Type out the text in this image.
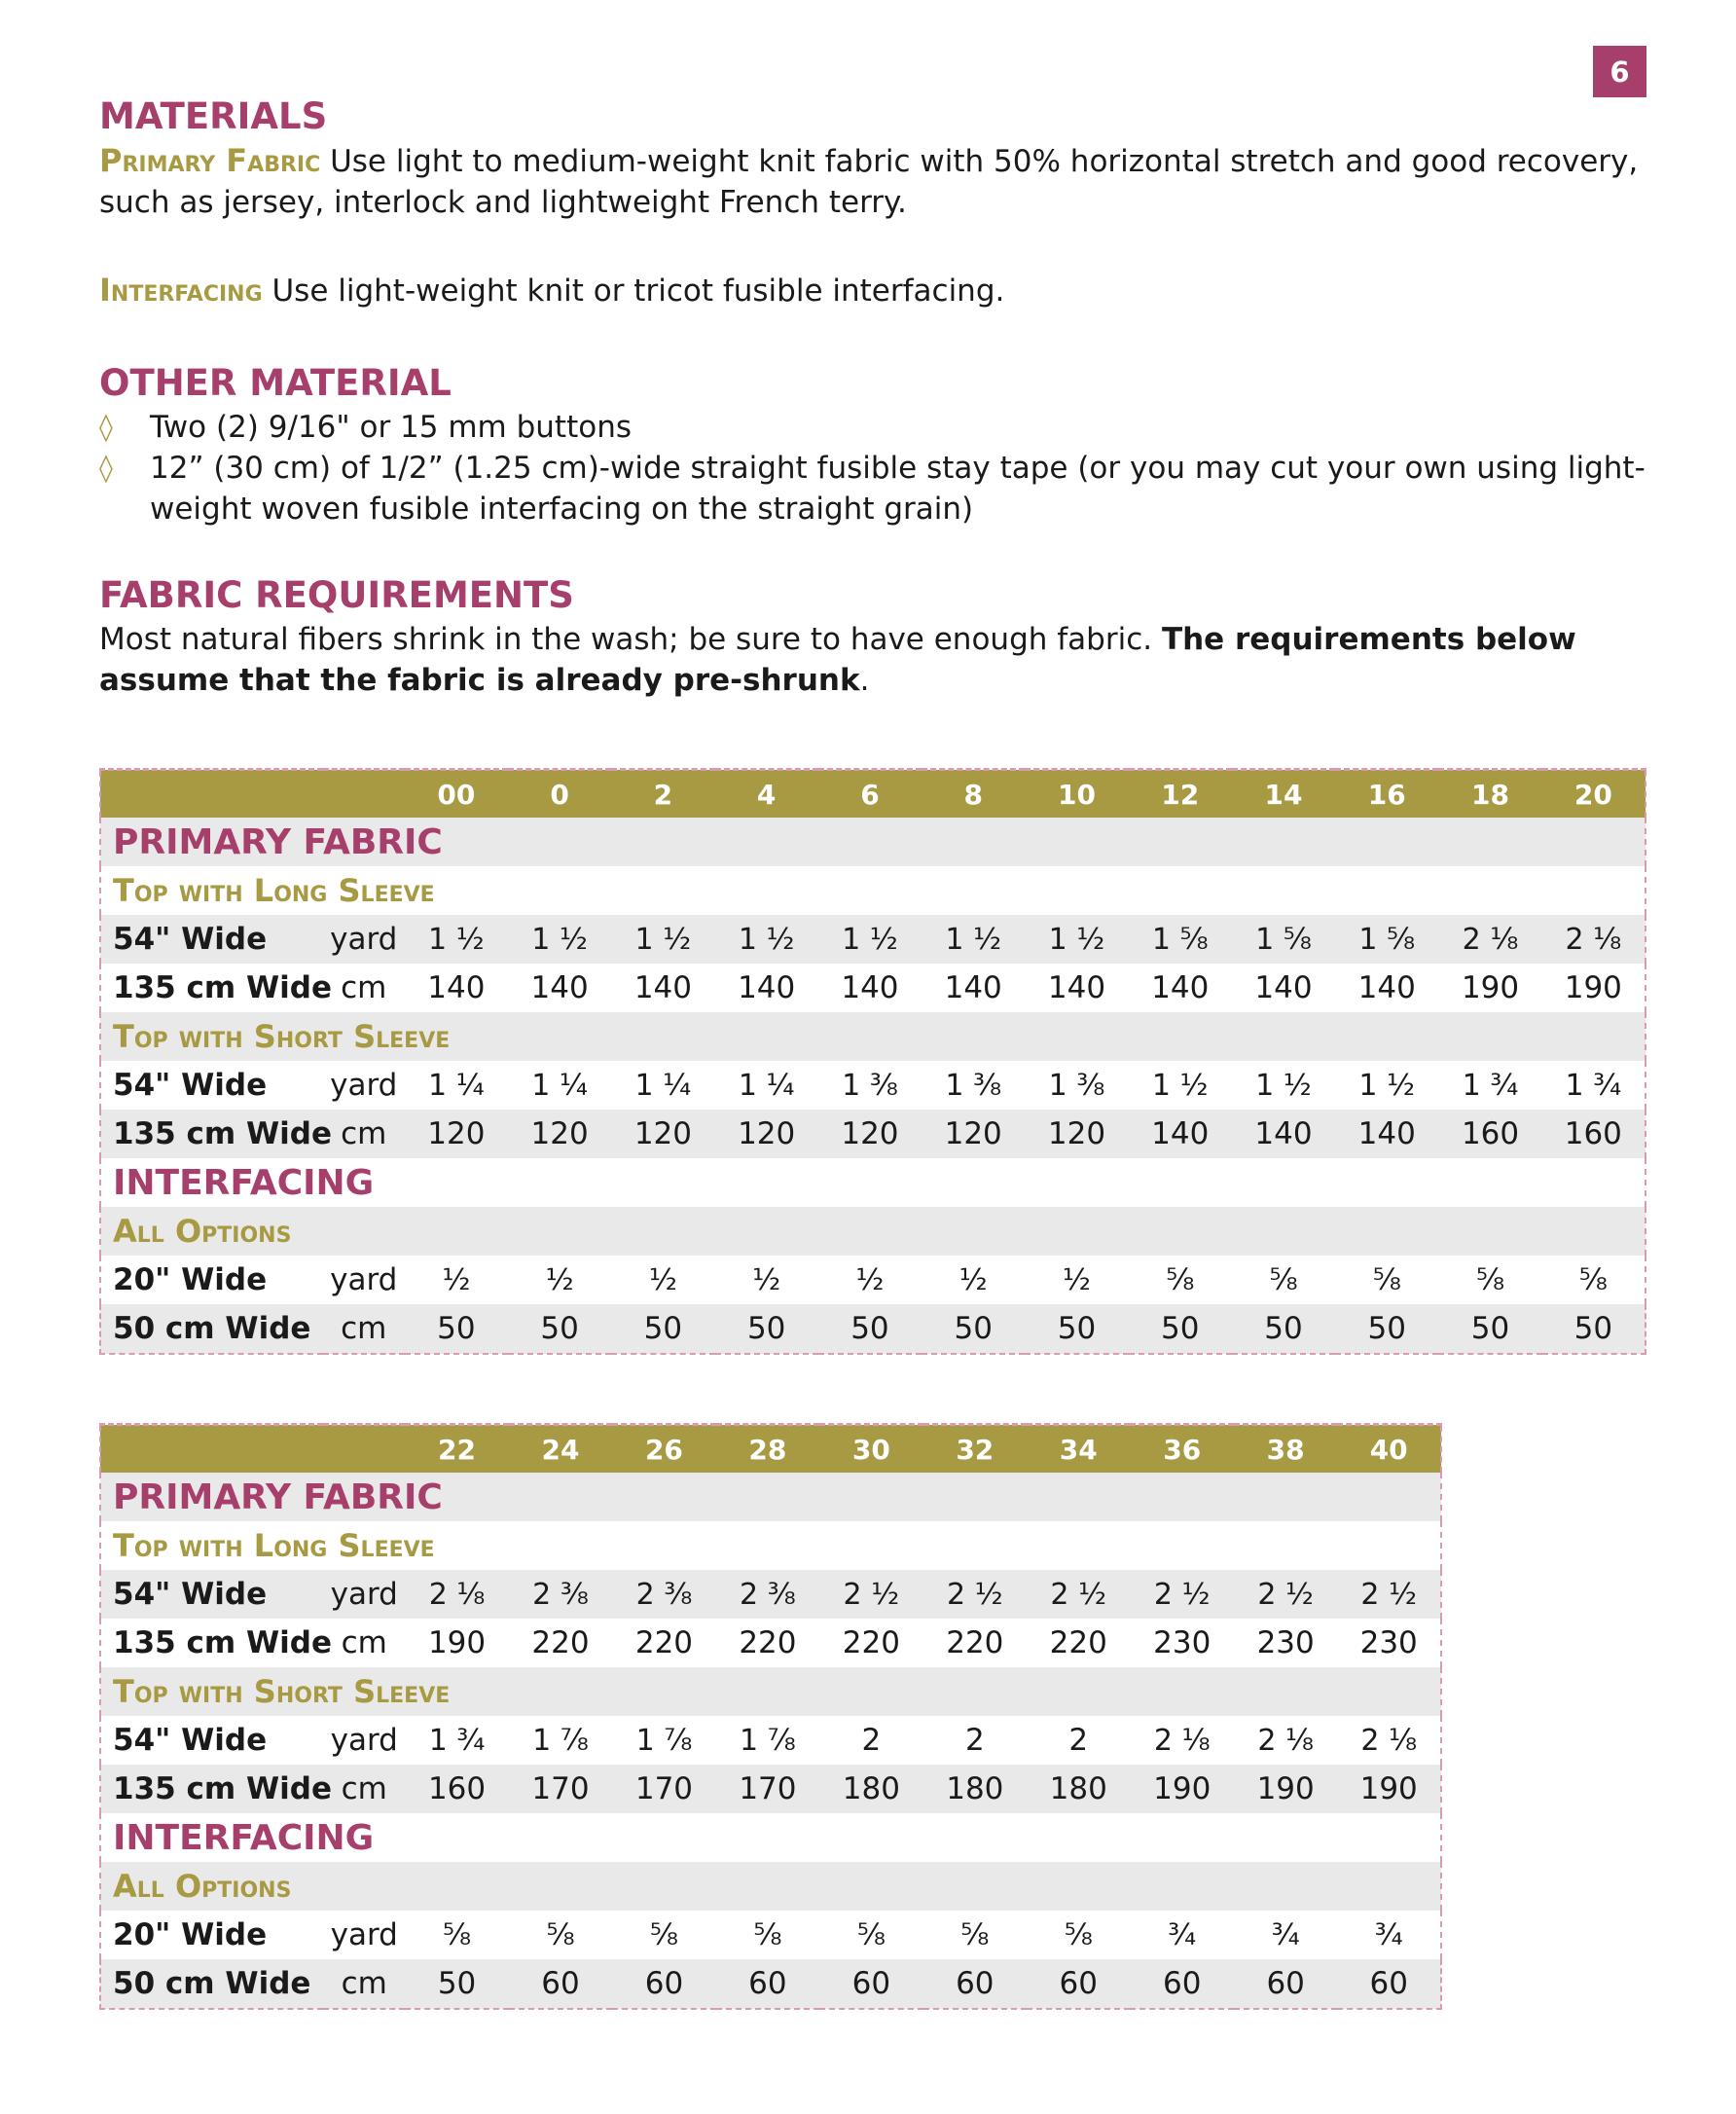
6
MATERIALS

Primary Fabric Use light to medium-weight knit fabric with 50% horizontal stretch and good recovery, such as jersey, interlock and lightweight French terry.

Interfacing Use light-weight knit or tricot fusible interfacing.

OTHER MATERIAL
◊	Two (2) 9/16" or 15 mm buttons
◊	12” (30 cm) of 1/2” (1.25 cm)-wide straight fusible stay tape (or you may cut your own using light-weight woven fusible interfacing on the straight grain)
FABRIC REQUIREMENTS

Most natural fibers shrink in the wash; be sure to have enough fabric. The requirements below assume that the fabric is already pre-shrunk.

		00	0	2	4	6	8	10	12	14	16	18	20
PRIMARY FABRIC													
Top with Long Sleeve													
54" Wide	yard	1 ½	1 ½	1 ½	1 ½	1 ½	1 ½	1 ½	1 ⅝	1 ⅝	1 ⅝	2 ⅛	2 ⅛
135 cm Wide	cm	140	140	140	140	140	140	140	140	140	140	190	190
Top with Short Sleeve													
54" Wide	yard	1 ¼	1 ¼	1 ¼	1 ¼	1 ⅜	1 ⅜	1 ⅜	1 ½	1 ½	1 ½	1 ¾	1 ¾
135 cm Wide	cm	120	120	120	120	120	120	120	140	140	140	160	160
INTERFACING													
All Options													
20" Wide	yard	½	½	½	½	½	½	½	⅝	⅝	⅝	⅝	⅝
50 cm Wide	cm	50	50	50	50	50	50	50	50	50	50	50	50
		22	24	26	28	30	32	34	36	38	40
PRIMARY FABRIC											
Top with Long Sleeve											
54" Wide	yard	2 ⅛	2 ⅜	2 ⅜	2 ⅜	2 ½	2 ½	2 ½	2 ½	2 ½	2 ½
135 cm Wide	cm	190	220	220	220	220	220	220	230	230	230
Top with Short Sleeve											
54" Wide	yard	1 ¾	1 ⅞	1 ⅞	1 ⅞	2	2	2	2 ⅛	2 ⅛	2 ⅛
135 cm Wide	cm	160	170	170	170	180	180	180	190	190	190
INTERFACING											
All Options											
20" Wide	yard	⅝	⅝	⅝	⅝	⅝	⅝	⅝	¾	¾	¾
50 cm Wide	cm	50	60	60	60	60	60	60	60	60	60
